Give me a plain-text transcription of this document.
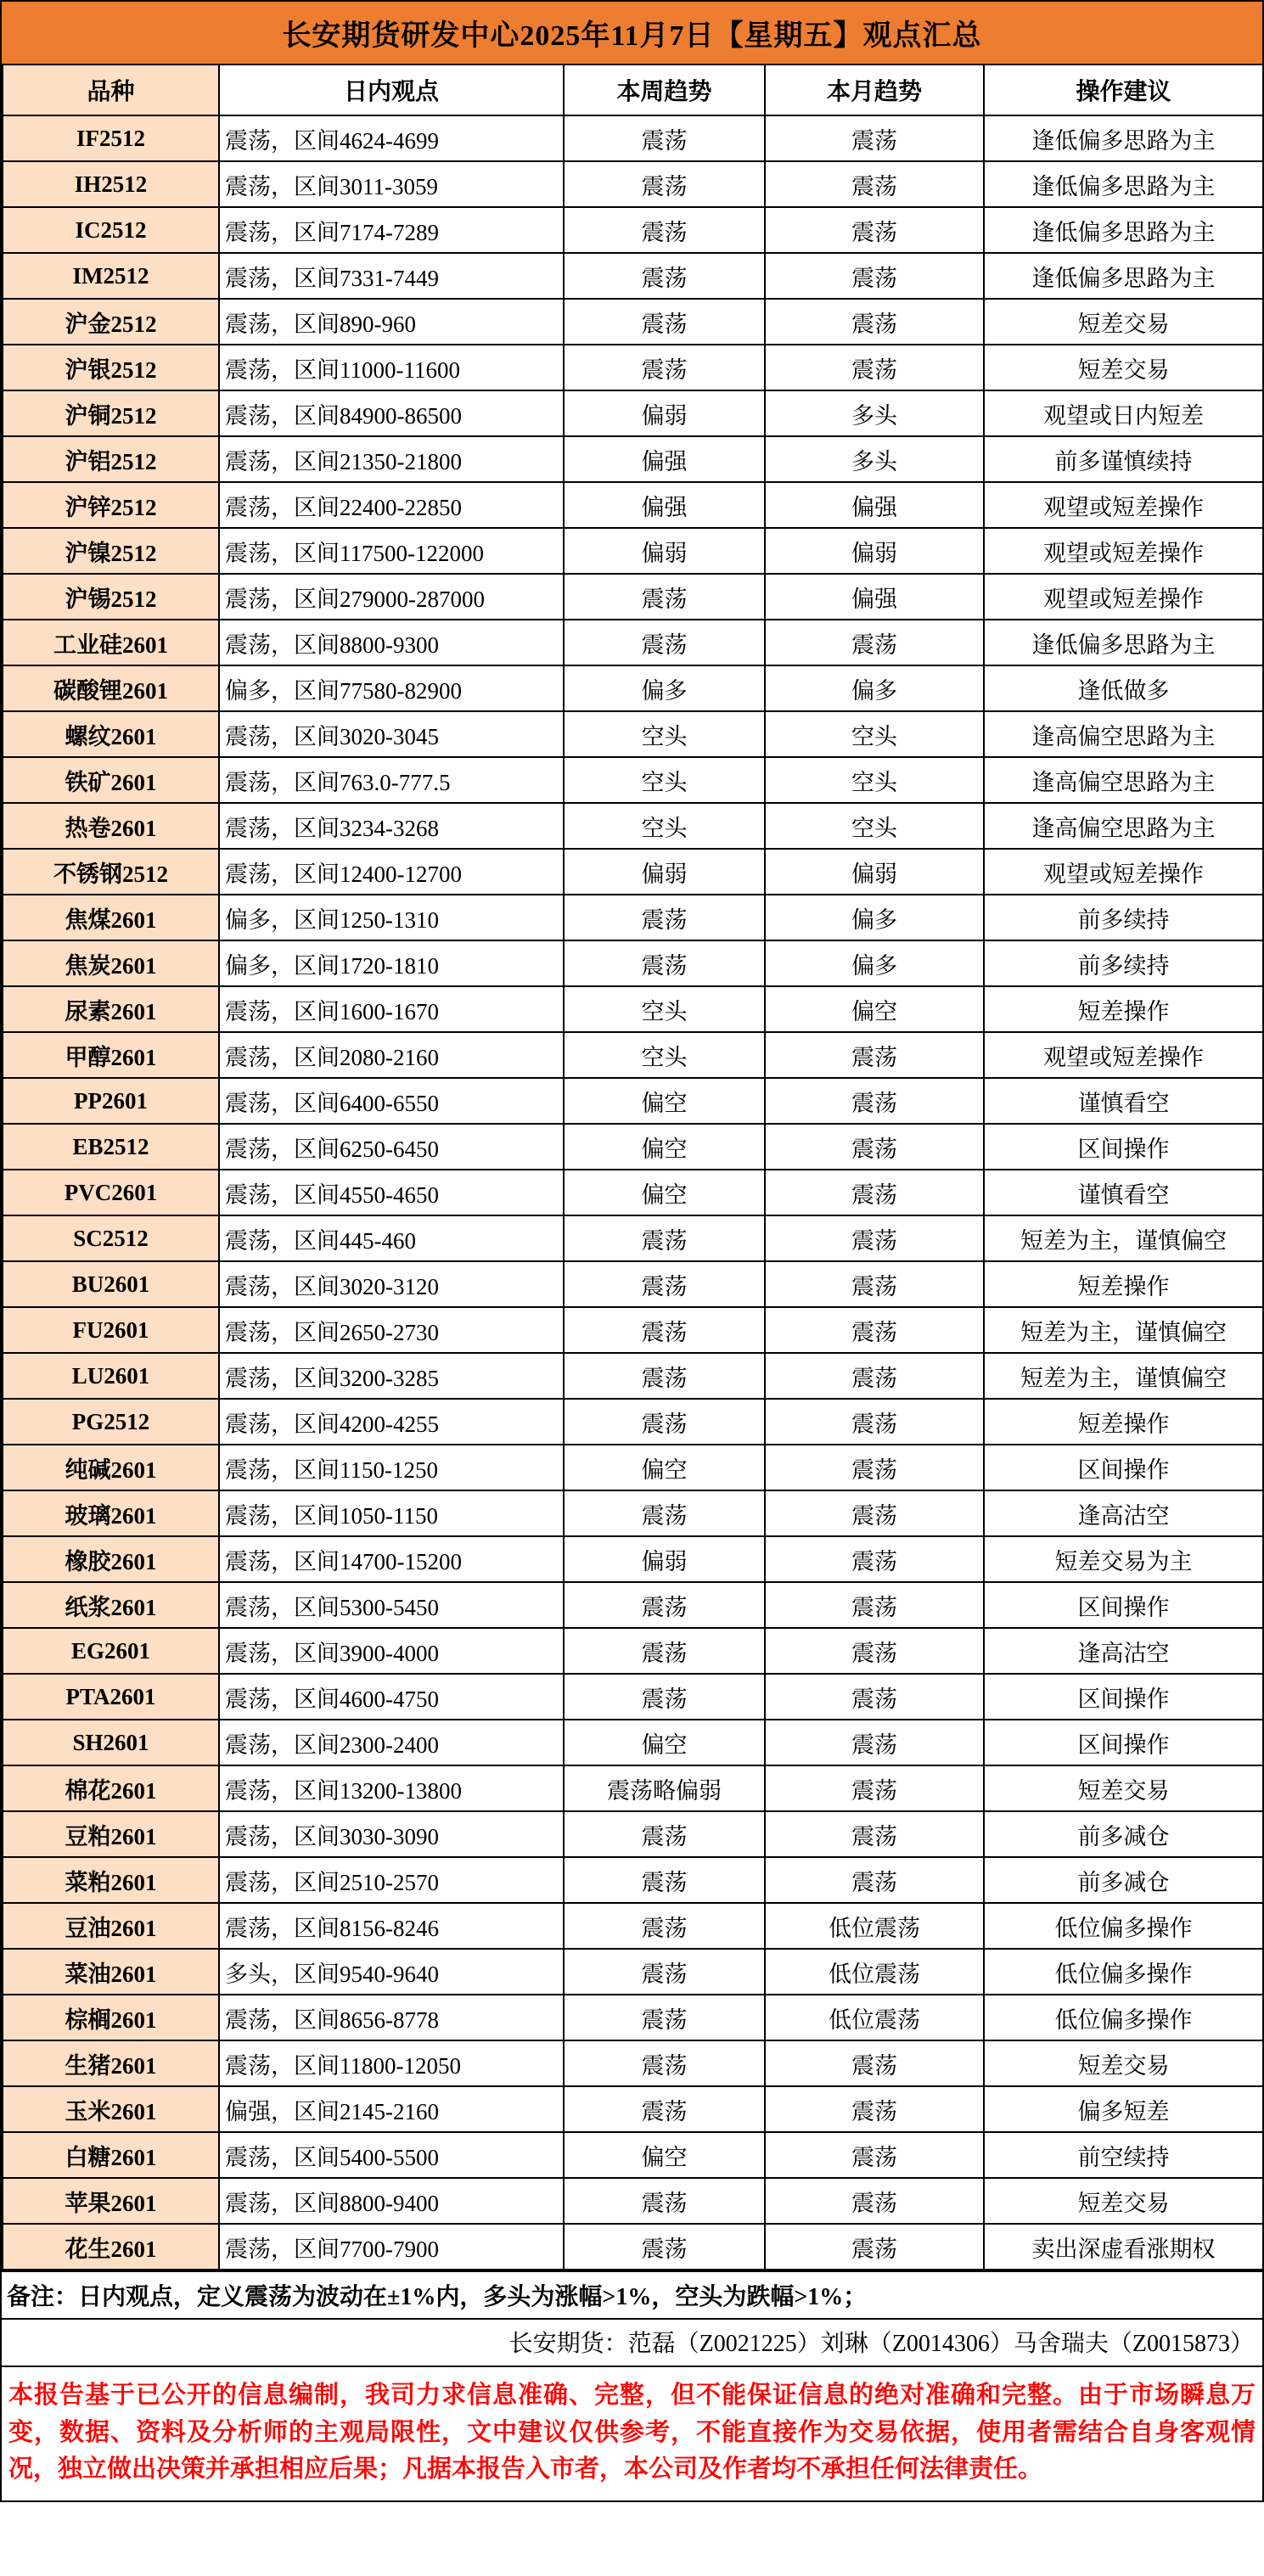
长安期货研发中心2025年11月7日【星期五】观点汇总
品种	日内观点	本周趋势	本月趋势	操作建议
IF2512	震荡，区间4624-4699	震荡	震荡	逢低偏多思路为主
IH2512	震荡，区间3011-3059	震荡	震荡	逢低偏多思路为主
IC2512	震荡，区间7174-7289	震荡	震荡	逢低偏多思路为主
IM2512	震荡，区间7331-7449	震荡	震荡	逢低偏多思路为主
沪金2512	震荡，区间890-960	震荡	震荡	短差交易
沪银2512	震荡，区间11000-11600	震荡	震荡	短差交易
沪铜2512	震荡，区间84900-86500	偏弱	多头	观望或日内短差
沪铝2512	震荡，区间21350-21800	偏强	多头	前多谨慎续持
沪锌2512	震荡，区间22400-22850	偏强	偏强	观望或短差操作
沪镍2512	震荡，区间117500-122000	偏弱	偏弱	观望或短差操作
沪锡2512	震荡，区间279000-287000	震荡	偏强	观望或短差操作
工业硅2601	震荡，区间8800-9300	震荡	震荡	逢低偏多思路为主
碳酸锂2601	偏多，区间77580-82900	偏多	偏多	逢低做多
螺纹2601	震荡，区间3020-3045	空头	空头	逢高偏空思路为主
铁矿2601	震荡，区间763.0-777.5	空头	空头	逢高偏空思路为主
热卷2601	震荡，区间3234-3268	空头	空头	逢高偏空思路为主
不锈钢2512	震荡，区间12400-12700	偏弱	偏弱	观望或短差操作
焦煤2601	偏多，区间1250-1310	震荡	偏多	前多续持
焦炭2601	偏多，区间1720-1810	震荡	偏多	前多续持
尿素2601	震荡，区间1600-1670	空头	偏空	短差操作
甲醇2601	震荡，区间2080-2160	空头	震荡	观望或短差操作
PP2601	震荡，区间6400-6550	偏空	震荡	谨慎看空
EB2512	震荡，区间6250-6450	偏空	震荡	区间操作
PVC2601	震荡，区间4550-4650	偏空	震荡	谨慎看空
SC2512	震荡，区间445-460	震荡	震荡	短差为主，谨慎偏空
BU2601	震荡，区间3020-3120	震荡	震荡	短差操作
FU2601	震荡，区间2650-2730	震荡	震荡	短差为主，谨慎偏空
LU2601	震荡，区间3200-3285	震荡	震荡	短差为主，谨慎偏空
PG2512	震荡，区间4200-4255	震荡	震荡	短差操作
纯碱2601	震荡，区间1150-1250	偏空	震荡	区间操作
玻璃2601	震荡，区间1050-1150	震荡	震荡	逢高沽空
橡胶2601	震荡，区间14700-15200	偏弱	震荡	短差交易为主
纸浆2601	震荡，区间5300-5450	震荡	震荡	区间操作
EG2601	震荡，区间3900-4000	震荡	震荡	逢高沽空
PTA2601	震荡，区间4600-4750	震荡	震荡	区间操作
SH2601	震荡，区间2300-2400	偏空	震荡	区间操作
棉花2601	震荡，区间13200-13800	震荡略偏弱	震荡	短差交易
豆粕2601	震荡，区间3030-3090	震荡	震荡	前多减仓
菜粕2601	震荡，区间2510-2570	震荡	震荡	前多减仓
豆油2601	震荡，区间8156-8246	震荡	低位震荡	低位偏多操作
菜油2601	多头，区间9540-9640	震荡	低位震荡	低位偏多操作
棕榈2601	震荡，区间8656-8778	震荡	低位震荡	低位偏多操作
生猪2601	震荡，区间11800-12050	震荡	震荡	短差交易
玉米2601	偏强，区间2145-2160	震荡	震荡	偏多短差
白糖2601	震荡，区间5400-5500	偏空	震荡	前空续持
苹果2601	震荡，区间8800-9400	震荡	震荡	短差交易
花生2601	震荡，区间7700-7900	震荡	震荡	卖出深虚看涨期权
备注：日内观点，定义震荡为波动在±1%内，多头为涨幅>1%，空头为跌幅>1%；
长安期货：范磊（Z0021225）刘琳（Z0014306）马舍瑞夫（Z0015873）
本报告基于已公开的信息编制，我司力求信息准确、完整，但不能保证信息的绝对准确和完整。由于市场瞬息万变，数据、资料及分析师的主观局限性，文中建议仅供参考，不能直接作为交易依据，使用者需结合自身客观情况，独立做出决策并承担相应后果；凡据本报告入市者，本公司及作者均不承担任何法律责任。
